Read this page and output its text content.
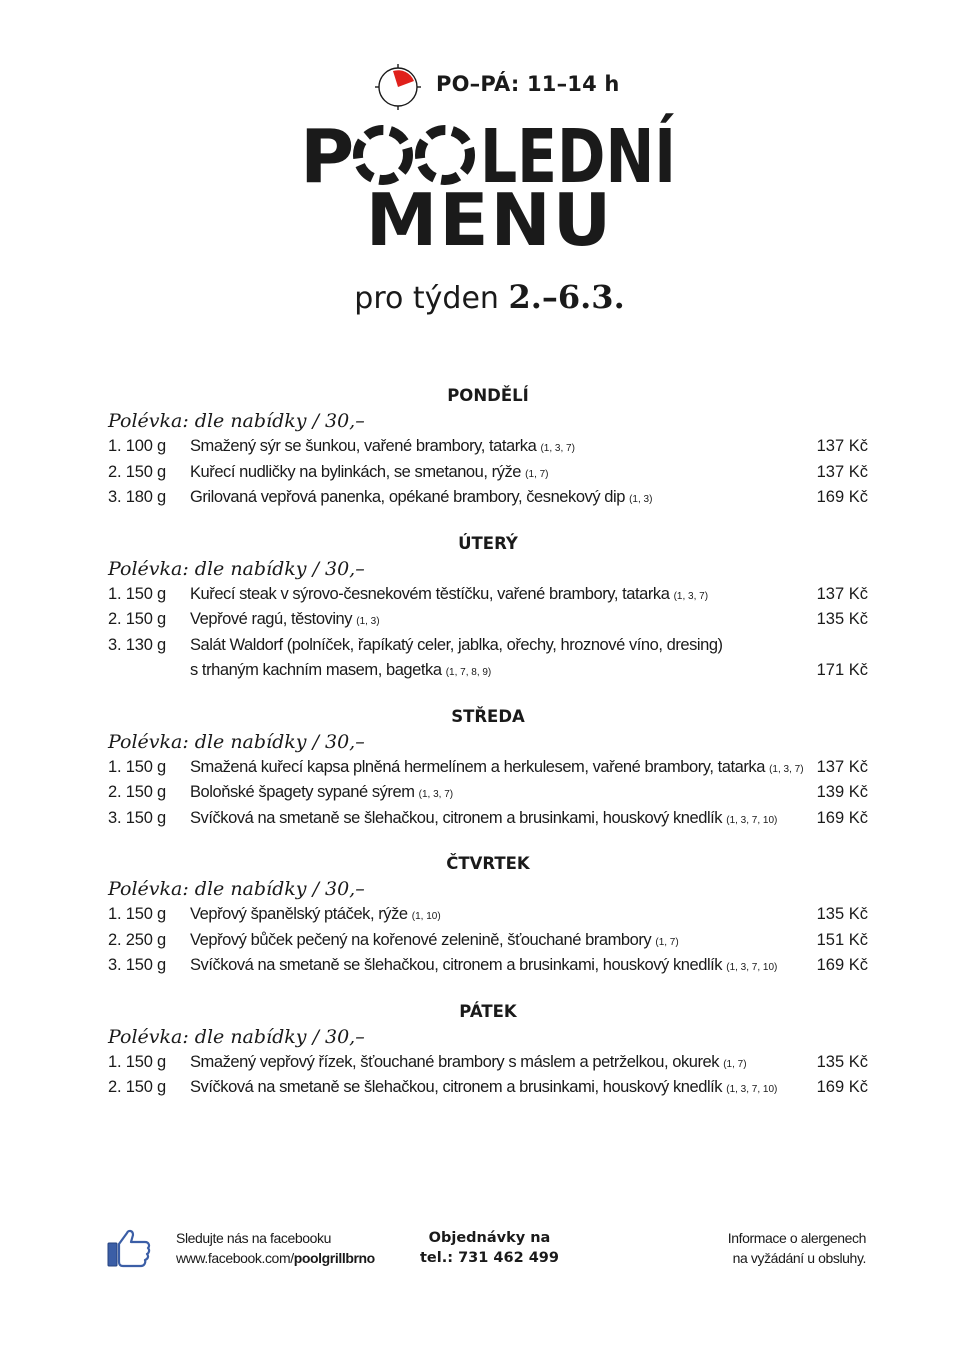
PO–PÁ: 11–14 h
P LEDNÍ
MENU
pro týden 2.–6.3.
PONDĚLÍ
Polévka: dle nabídky / 30,–
1. 100 g	Smažený sýr se šunkou, vařené brambory, tatarka (1, 3, 7)	137 Kč
2. 150 g	Kuřecí nudličky na bylinkách, se smetanou, rýže (1, 7)	137 Kč
3. 180 g	Grilovaná vepřová panenka, opékané brambory, česnekový dip (1, 3)	169 Kč
ÚTERÝ
Polévka: dle nabídky / 30,–
1. 150 g	Kuřecí steak v sýrovo-česnekovém těstíčku, vařené brambory, tatarka (1, 3, 7)	137 Kč
2. 150 g	Vepřové ragú, těstoviny (1, 3)	135 Kč
3. 130 g	Salát Waldorf (polníček, řapíkatý celer, jablka, ořechy, hroznové víno, dresing)
s trhaným kachním masem, bagetka (1, 7, 8, 9)	171 Kč
STŘEDA
Polévka: dle nabídky / 30,–
1. 150 g	Smažená kuřecí kapsa plněná hermelínem a herkulesem, vařené brambory, tatarka (1, 3, 7) 137 Kč
2. 150 g	Boloňské špagety sypané sýrem (1, 3, 7)	139 Kč
3. 150 g	Svíčková na smetaně se šlehačkou, citronem a brusinkami, houskový knedlík (1, 3, 7, 10)	169 Kč
ČTVRTEK
Polévka: dle nabídky / 30,–
1. 150 g	Vepřový španělský ptáček, rýže (1, 10)	135 Kč
2. 250 g	Vepřový bůček pečený na kořenové zelenině, šťouchané brambory (1, 7)	151 Kč
3. 150 g	Svíčková na smetaně se šlehačkou, citronem a brusinkami, houskový knedlík (1, 3, 7, 10)	169 Kč
PÁTEK
Polévka: dle nabídky / 30,–
1. 150 g	Smažený vepřový řízek, šťouchané brambory s máslem a petrželkou, okurek (1, 7)	135 Kč
2. 150 g	Svíčková na smetaně se šlehačkou, citronem a brusinkami, houskový knedlík (1, 3, 7, 10)	169 Kč
Sledujte nás na facebooku
www.facebook.com/poolgrillbrno
Objednávky na
tel.: 731 462 499
Informace o alergenech
na vyžádání u obsluhy.
